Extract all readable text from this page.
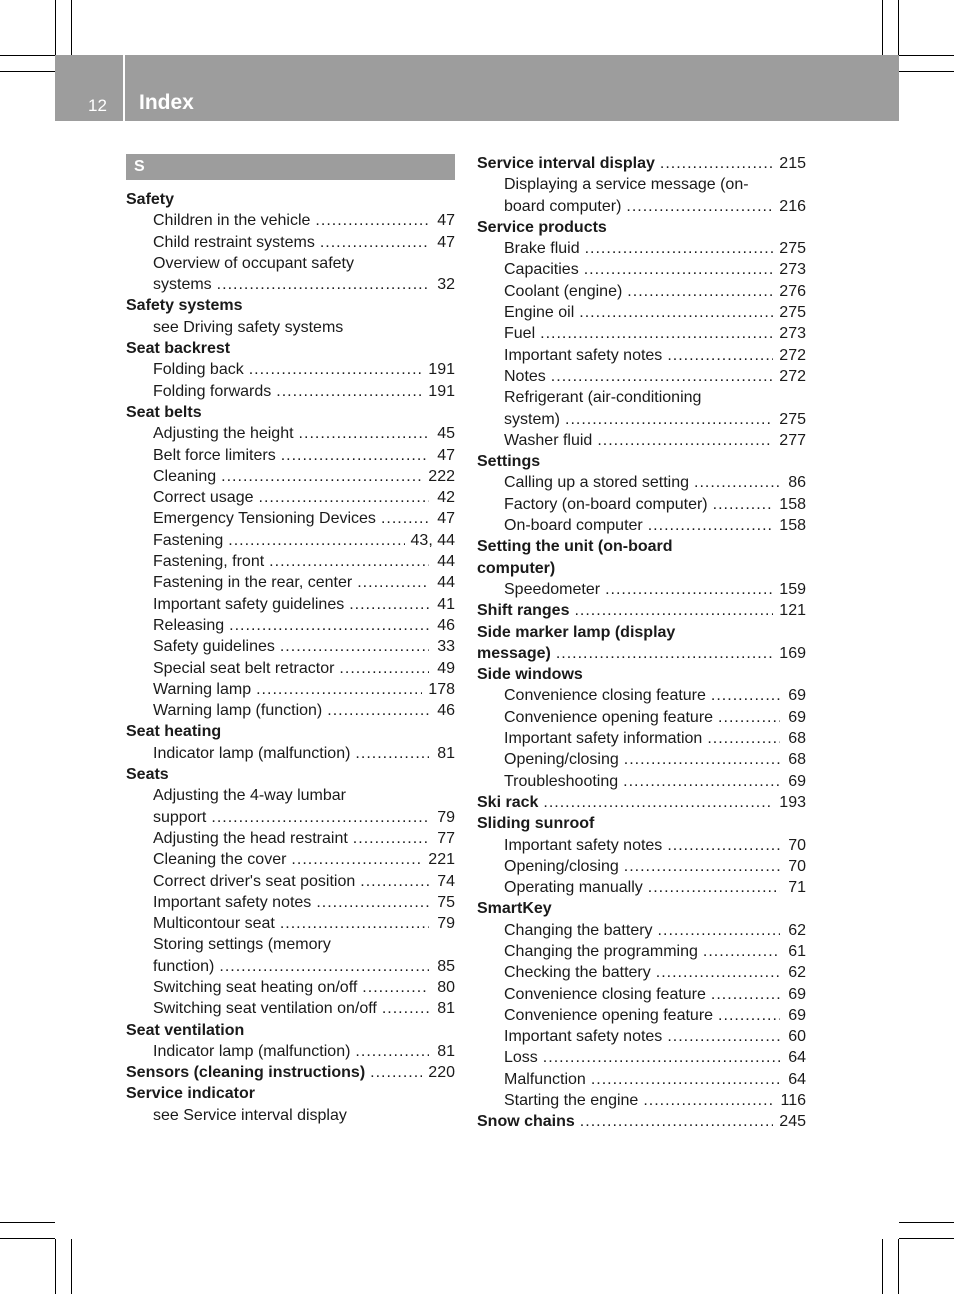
12	Index
S
Safety
Children in the vehicle .....	47
Child restraint systems .....	47
Overview of occupant safety
systems .....	32
Safety systems
see Driving safety systems
Seat backrest
Folding back .....	191
Folding forwards .....	191
Seat belts
Adjusting the height .....	45
Belt force limiters .....	47
Cleaning .....	222
Correct usage .....	42
Emergency Tensioning Devices .....	47
Fastening .....	43, 44
Fastening, front .....	44
Fastening in the rear, center .....	44
Important safety guidelines .....	41
Releasing .....	46
Safety guidelines .....	33
Special seat belt retractor .....	49
Warning lamp .....	178
Warning lamp (function) .....	46
Seat heating
Indicator lamp (malfunction) .....	81
Seats
Adjusting the 4-way lumbar
support .....	79
Adjusting the head restraint .....	77
Cleaning the cover .....	221
Correct driver's seat position .....	74
Important safety notes .....	75
Multicontour seat .....	79
Storing settings (memory
function) .....	85
Switching seat heating on/off .....	80
Switching seat ventilation on/off .....	81
Seat ventilation
Indicator lamp (malfunction) .....	81
Sensors (cleaning instructions) .....	220
Service indicator
see Service interval display
Service interval display .....	215
Displaying a service message (on-
board computer) .....	216
Service products
Brake fluid .....	275
Capacities .....	273
Coolant (engine) .....	276
Engine oil .....	275
Fuel .....	273
Important safety notes .....	272
Notes .....	272
Refrigerant (air-conditioning
system) .....	275
Washer fluid .....	277
Settings
Calling up a stored setting .....	86
Factory (on-board computer) .....	158
On-board computer .....	158
Setting the unit (on-board
computer)
Speedometer .....	159
Shift ranges .....	121
Side marker lamp (display
message) .....	169
Side windows
Convenience closing feature .....	69
Convenience opening feature .....	69
Important safety information .....	68
Opening/closing .....	68
Troubleshooting .....	69
Ski rack .....	193
Sliding sunroof
Important safety notes .....	70
Opening/closing .....	70
Operating manually .....	71
SmartKey
Changing the battery .....	62
Changing the programming .....	61
Checking the battery .....	62
Convenience closing feature .....	69
Convenience opening feature .....	69
Important safety notes .....	60
Loss .....	64
Malfunction .....	64
Starting the engine .....	116
Snow chains .....	245
